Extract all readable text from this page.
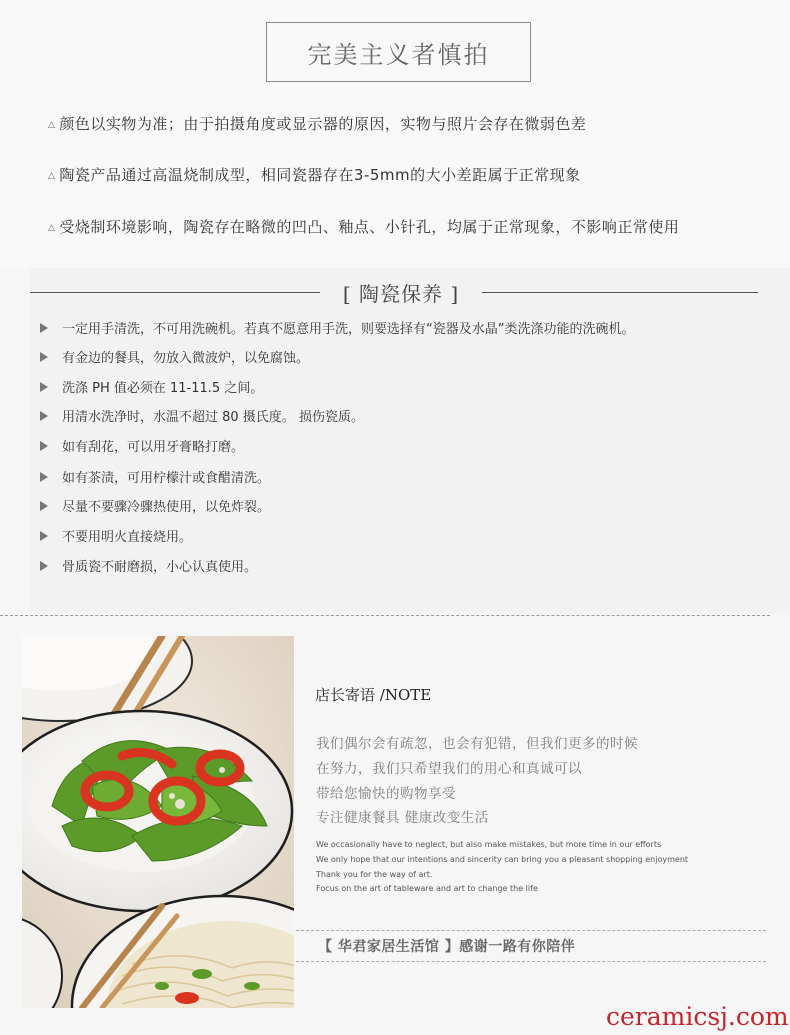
完美主义者慎拍
△ 颜色以实物为准；由于拍摄角度或显示器的原因，实物与照片会存在微弱色差
△ 陶瓷产品通过高温烧制成型，相同瓷器存在3-5mm的大小差距属于正常现象
△ 受烧制环境影响，陶瓷存在略微的凹凸、釉点、小针孔，均属于正常现象，不影响正常使用
[ 陶瓷保养 ]
一定用手清洗，不可用洗碗机。若真不愿意用手洗，则要选择有“瓷器及水晶”类洗涤功能的洗碗机。
有金边的餐具，勿放入微波炉，以免腐蚀。
洗涤 PH 值必须在 11-11.5 之间。
用清水洗净时，水温不超过 80 摄氏度。 损伤瓷质。
如有刮花，可以用牙膏略打磨。
如有茶渍，可用柠檬汁或食醋清洗。
尽量不要骤冷骤热使用，以免炸裂。
不要用明火直接烧用。
骨质瓷不耐磨损，小心认真使用。
店长寄语 /NOTE
我们偶尔会有疏忽，也会有犯错，但我们更多的时候
在努力，我们只希望我们的用心和真诚可以
带给您愉快的购物享受
专注健康餐具 健康改变生活
We occasionally have to neglect, but also make mistakes, but more time in our efforts
We only hope that our intentions and sincerity can bring you a pleasant shopping enjoyment
Thank you for the way of art.
Focus on the art of tableware and art to change the life
【 华君家居生活馆 】感谢一路有你陪伴
ceramicsj.com
